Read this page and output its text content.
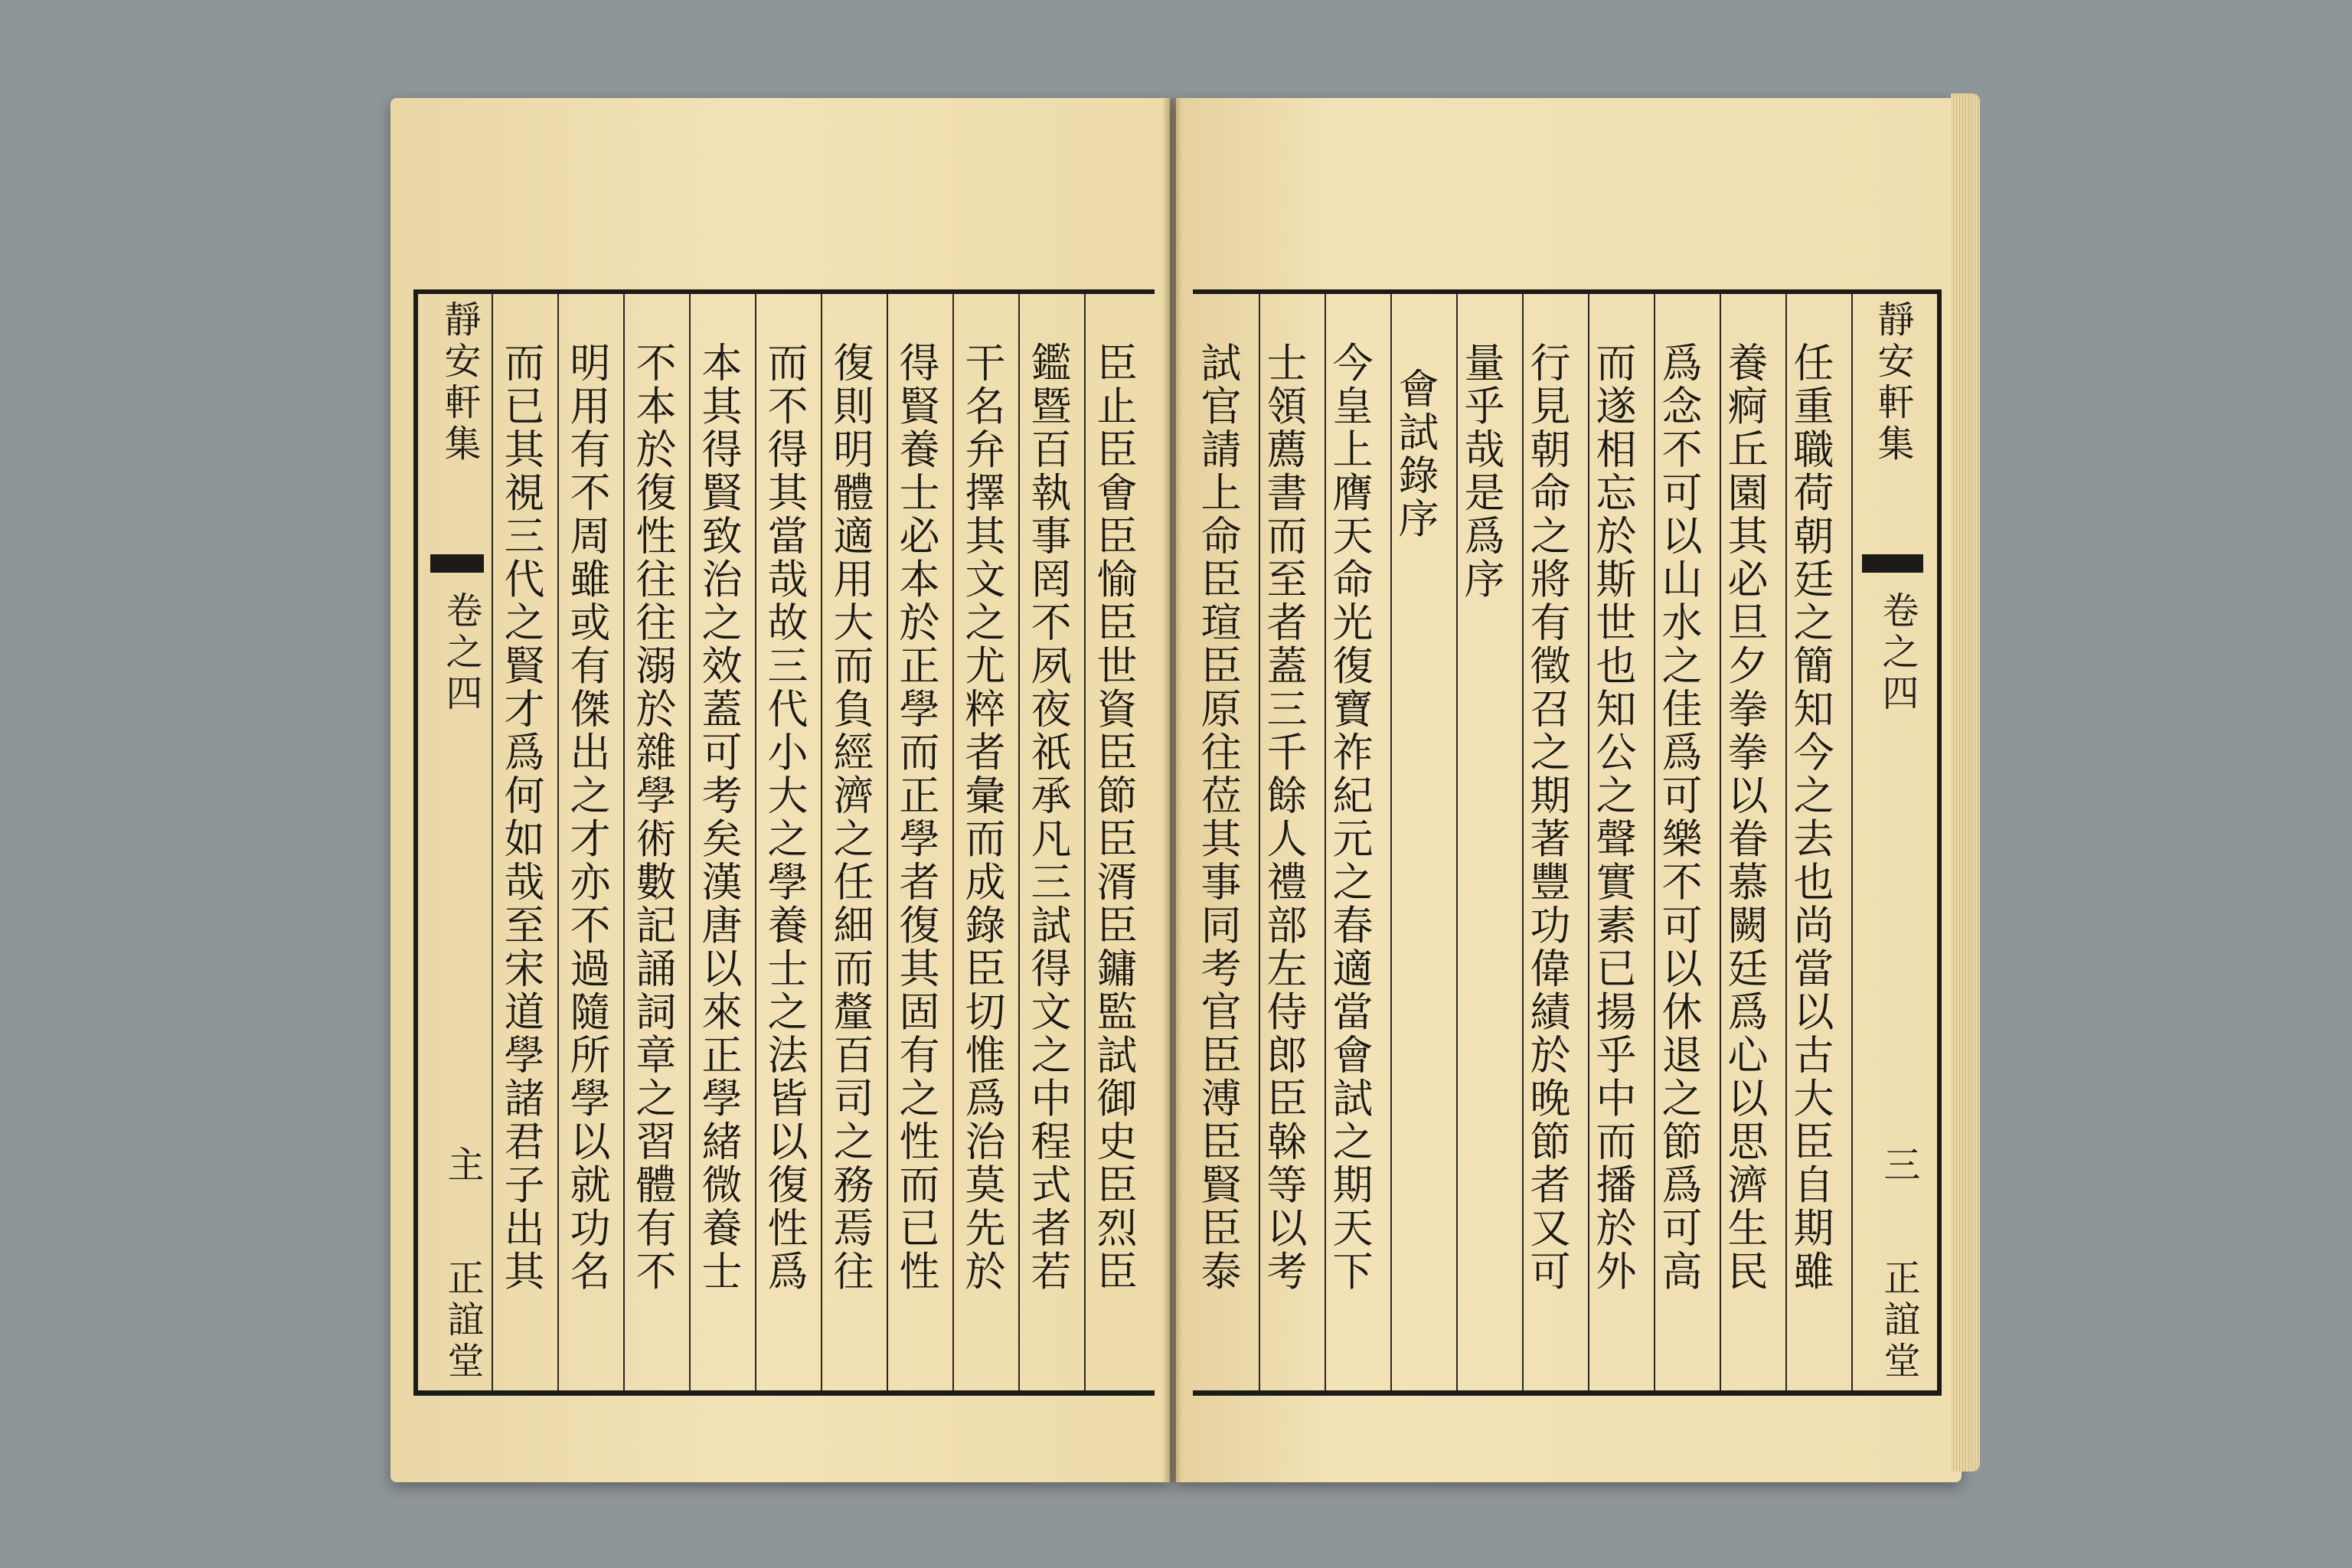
靜安軒集
卷之四
主
正誼堂
而已其視三代之賢才爲何如哉至宋道學諸君子出其 明用有不周雖或有傑出之才亦不過隨所學以就功名 不本於復性往往溺於雜學術數記誦詞章之習體有不 本其得賢致治之效蓋可考矣漢唐以來正學緒微養士 而不得其當哉故三代小大之學養士之法皆以復性爲 復則明體適用大而負經濟之任細而釐百司之務焉往 得賢養士必本於正學而正學者復其固有之性而已性 干名弁擇其文之尤粹者彙而成錄臣切惟爲治莫先於 鑑暨百執事罔不夙夜祇承凡三試得文之中程式者若 臣止臣㑹臣愉臣世資臣節臣湑臣鏞監試御史臣烈臣 試官請上命臣瑄臣原往莅其事同考官臣溥臣賢臣泰 士領薦書而至者蓋三千餘人禮部左侍郎臣榦等以考 今皇上膺天命光復寶祚紀元之春適當會試之期天下 會試錄序 量乎哉是爲序 行見朝命之將有徵召之期著豐功偉績於晚節者又可 而遂相忘於斯世也知公之聲實素已揚乎中而播於外 爲念不可以山水之佳爲可樂不可以休退之節爲可高 養痾丘園其必旦夕拳拳以眷慕闕廷爲心以思濟生民 任重職荷朝廷之簡知今之去也尚當以古大臣自期雖 靜安軒集
卷之四
三
正誼堂
